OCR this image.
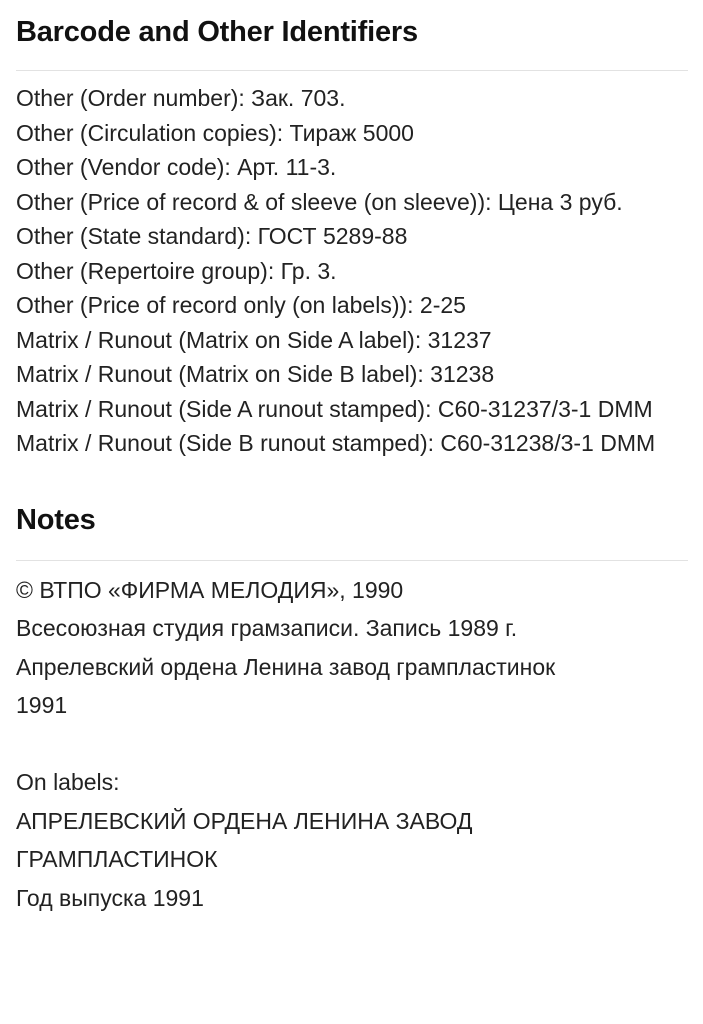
Barcode and Other Identifiers
Other (Order number): Зак. 703.
Other (Circulation copies): Тираж 5000
Other (Vendor code): Арт. 11-3.
Other (Price of record & of sleeve (on sleeve)): Цена 3 руб.
Other (State standard): ГОСТ 5289-88
Other (Repertoire group): Гр. 3.
Other (Price of record only (on labels)): 2-25
Matrix / Runout (Matrix on Side A label): 31237
Matrix / Runout (Matrix on Side B label): 31238
Matrix / Runout (Side A runout stamped): С60-31237/3-1 DMM
Matrix / Runout (Side B runout stamped): С60-31238/3-1 DMM
Notes
© ВТПО «ФИРМА МЕЛОДИЯ», 1990
Всесоюзная студия грамзаписи. Запись 1989 г.
Апрелевский ордена Ленина завод грампластинок
1991
On labels:
АПРЕЛЕВСКИЙ ОРДЕНА ЛЕНИНА ЗАВОД
ГРАМПЛАСТИНОК
Год выпуска 1991
